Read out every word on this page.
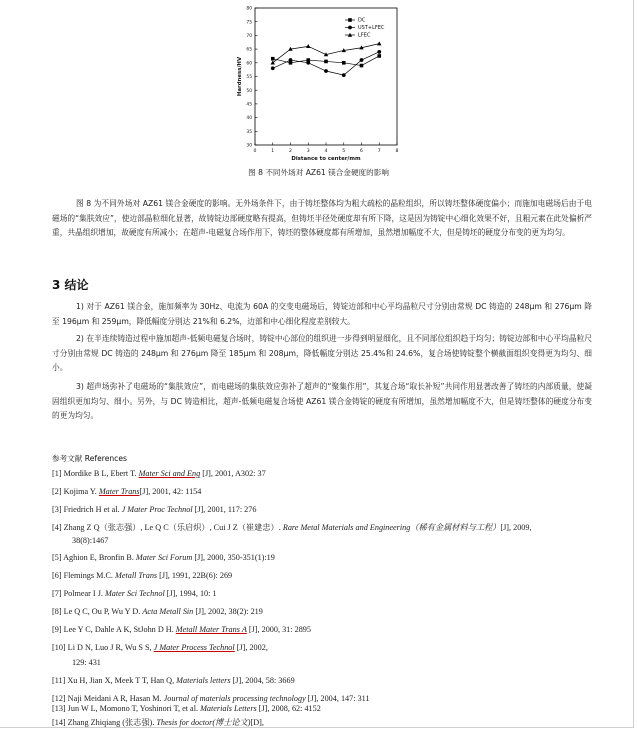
0	1	2	3	4	5	6	7	8
30
35
40
45
50
55
60
65
70
75
80
Distance to center/mm
Hardness/HV
DC
UST+LFEC
LFEC
图 8 不同外场对 AZ61 镁合金硬度的影响

图 8 为不同外场对 AZ61 镁合金硬度的影响。无外场条件下，由于铸坯整体均为粗大疏松的晶粒组织，所以铸坯整体硬度偏小；而施加电磁场后由于电磁场的“集肤效应”，使边部晶粒细化显著，故铸锭边部硬度略有提高，但铸坯半径处硬度却有所下降，这是因为铸锭中心细化效果不好，且粗元素在此处偏析严重，共晶组织增加，故硬度有所减小；在超声-电磁复合场作用下，铸坯的整体硬度都有所增加，虽然增加幅度不大，但是铸坯的硬度分布变的更为均匀。

3 结论

1) 对于 AZ61 镁合金，施加频率为 30Hz、电流为 60A 的交变电磁场后，铸锭边部和中心平均晶粒尺寸分别由常规 DC 铸造的 248μm 和 276μm 降至 196μm 和 259μm，降低幅度分别达 21%和 6.2%，边部和中心细化程度差别较大。

2) 在半连续铸造过程中施加超声-低频电磁复合场时，铸锭中心部位的组织进一步得到明显细化，且不同部位组织趋于均匀；铸锭边部和中心平均晶粒尺寸分别由常规 DC 铸造的 248μm 和 276μm 降至 185μm 和 208μm，降低幅度分别达 25.4%和 24.6%，复合场使铸锭整个横截面组织变得更为均匀、细小。

3) 超声场弥补了电磁场的“集肤效应”，而电磁场的集肤效应弥补了超声的“聚集作用”，其复合场“取长补短”共同作用显著改善了铸坯的内部质量，使凝固组织更加均匀、细小。另外，与 DC 铸造相比，超声-低频电磁复合场使 AZ61 镁合金铸锭的硬度有所增加，虽然增加幅度不大，但是铸坯整体的硬度分布变的更为均匀。

参考文献 References

[1] Mordike B L, Ebert T. Mater Sci and Eng [J], 2001, A302: 37

[2] Kojima Y. Mater Trans[J], 2001, 42: 1154

[3] Friedrich H et al. J Mater Proc Technol [J], 2001, 117: 276

[4] Zhang Z Q（张志强）, Le Q C（乐启炽）, Cui J Z（崔建忠）. Rare Metal Materials and Engineering（稀有金属材料与工程）[J], 2009,

38(8):1467

[5] Aghion E, Bronfin B. Mater Sci Forum [J], 2000, 350-351(1):19

[6] Flemings M.C. Metall Trans [J], 1991, 22B(6): 269

[7] Polmear I J. Mater Sci Technol [J], 1994, 10: 1

[8] Le Q C, Ou P, Wu Y D. Acta Metall Sin [J], 2002, 38(2): 219

[9] Lee Y C, Dahle A K, StJohn D H. Metall Mater Trans A [J], 2000, 31: 2895

[10] Li D N, Luo J R, Wu S S, J Mater Process Technol [J], 2002,

129: 431

[11] Xu H, Jian X, Meek T T, Han Q, Materials letters [J], 2004, 58: 3669

[12] Naji Meidani A R, Hasan M. Journal of materials processing technology [J], 2004, 147: 311

[13] Jun W L, Momono T, Yoshinori T, et al. Materials Letters [J], 2008, 62: 4152

[14] Zhang Zhiqiang (张志强). Thesis for doctor(博士论文)[D],
